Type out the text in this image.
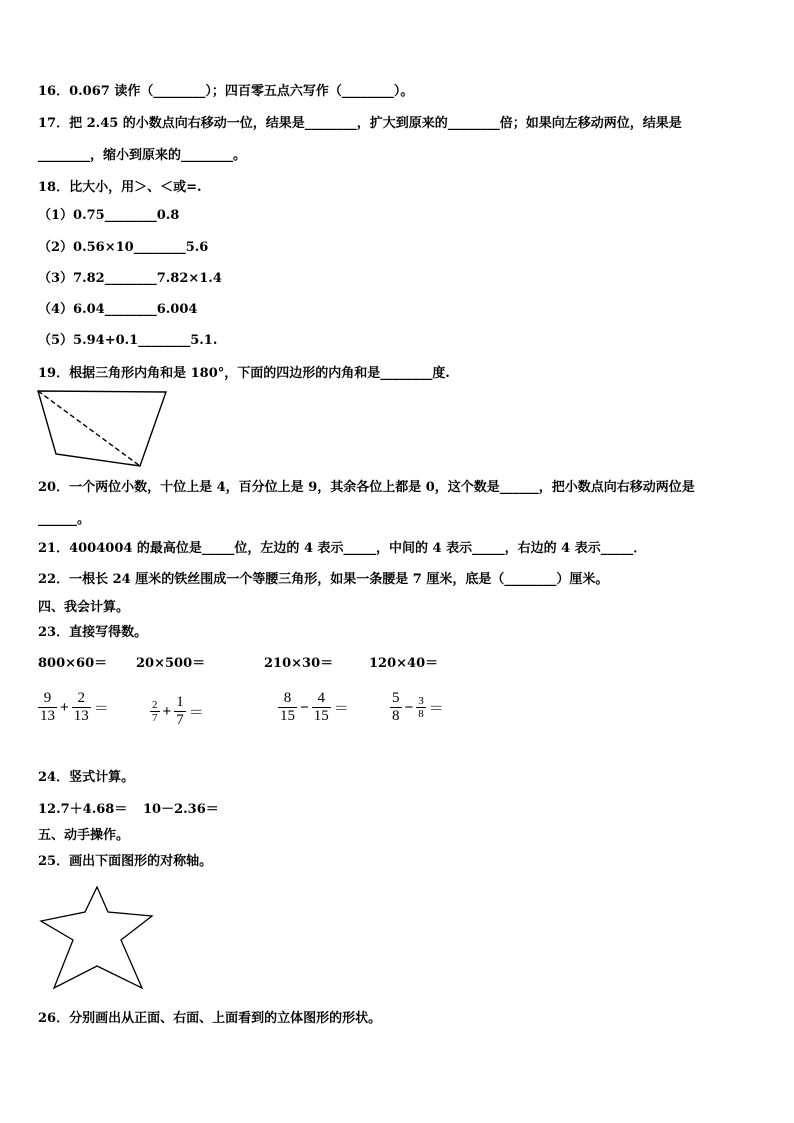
16．0.067 读作（________）；四百零五点六写作（________）。
17．把 2.45 的小数点向右移动一位，结果是________，扩大到原来的________倍；如果向左移动两位，结果是
________，缩小到原来的________。
18．比大小，用＞、＜或=.
（1）0.75________0.8
（2）0.56×10________5.6
（3）7.82________7.82×1.4
（4）6.04________6.004
（5）5.94+0.1________5.1.
19．根据三角形内角和是 180°，下面的四边形的内角和是________度.
20．一个两位小数，十位上是 4，百分位上是 9，其余各位上都是 0，这个数是______，把小数点向右移动两位是
______。
21．4004004 的最高位是_____位，左边的 4 表示_____，中间的 4 表示_____，右边的 4 表示_____．
22．一根长 24 厘米的铁丝围成一个等腰三角形，如果一条腰是 7 厘米，底是（________）厘米。
四、我会计算。
23．直接写得数。
800×60＝ 20×500＝	210×30＝	120×40＝
$\frac{9}{13} + \frac{2}{13}$ ＝	$\frac{2}{7} + \frac{1}{7}$ ＝	$\frac{8}{15} - \frac{4}{15}$ ＝	$\frac{5}{8} - \frac{3}{8}$ ＝
24．竖式计算。
12.7＋4.68＝ 10－2.36＝
五、动手操作。
25．画出下面图形的对称轴。
26．分别画出从正面、右面、上面看到的立体图形的形状。
